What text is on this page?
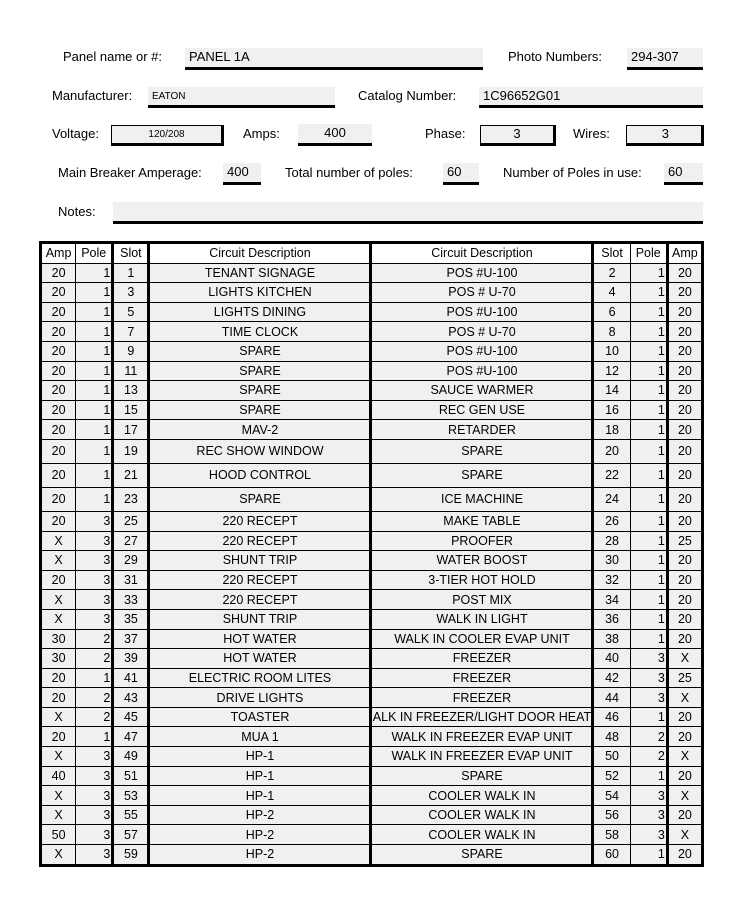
Panel name or #:	PANEL 1A	Photo Numbers:	294-307
Manufacturer:	EATON	Catalog Number:	1C96652G01
Voltage:	120/208	Amps:	400	Phase:	3	Wires:	3
Main Breaker Amperage:	400	Total number of poles:	60	Number of Poles in use:	60
Notes:
Amp	Pole	Slot	Circuit Description	Circuit Description	Slot	Pole	Amp
20	1	1	TENANT SIGNAGE	POS #U-100	2	1	20
20	1	3	LIGHTS KITCHEN	POS # U-70	4	1	20
20	1	5	LIGHTS DINING	POS #U-100	6	1	20
20	1	7	TIME CLOCK	POS # U-70	8	1	20
20	1	9	SPARE	POS #U-100	10	1	20
20	1	11	SPARE	POS #U-100	12	1	20
20	1	13	SPARE	SAUCE WARMER	14	1	20
20	1	15	SPARE	REC GEN USE	16	1	20
20	1	17	MAV-2	RETARDER	18	1	20
20	1	19	REC SHOW WINDOW	SPARE	20	1	20
20	1	21	HOOD CONTROL	SPARE	22	1	20
20	1	23	SPARE	ICE MACHINE	24	1	20
20	3	25	220 RECEPT	MAKE TABLE	26	1	20
X	3	27	220 RECEPT	PROOFER	28	1	25
X	3	29	SHUNT TRIP	WATER BOOST	30	1	20
20	3	31	220 RECEPT	3-TIER HOT HOLD	32	1	20
X	3	33	220 RECEPT	POST MIX	34	1	20
X	3	35	SHUNT TRIP	WALK IN LIGHT	36	1	20
30	2	37	HOT WATER	WALK IN COOLER EVAP UNIT	38	1	20
30	2	39	HOT WATER	FREEZER	40	3	X
20	1	41	ELECTRIC ROOM LITES	FREEZER	42	3	25
20	2	43	DRIVE LIGHTS	FREEZER	44	3	X
X	2	45	TOASTER	ALK IN FREEZER/LIGHT DOOR HEAT	46	1	20
20	1	47	MUA 1	WALK IN FREEZER EVAP UNIT	48	2	20
X	3	49	HP-1	WALK IN FREEZER EVAP UNIT	50	2	X
40	3	51	HP-1	SPARE	52	1	20
X	3	53	HP-1	COOLER WALK IN	54	3	X
X	3	55	HP-2	COOLER WALK IN	56	3	20
50	3	57	HP-2	COOLER WALK IN	58	3	X
X	3	59	HP-2	SPARE	60	1	20
